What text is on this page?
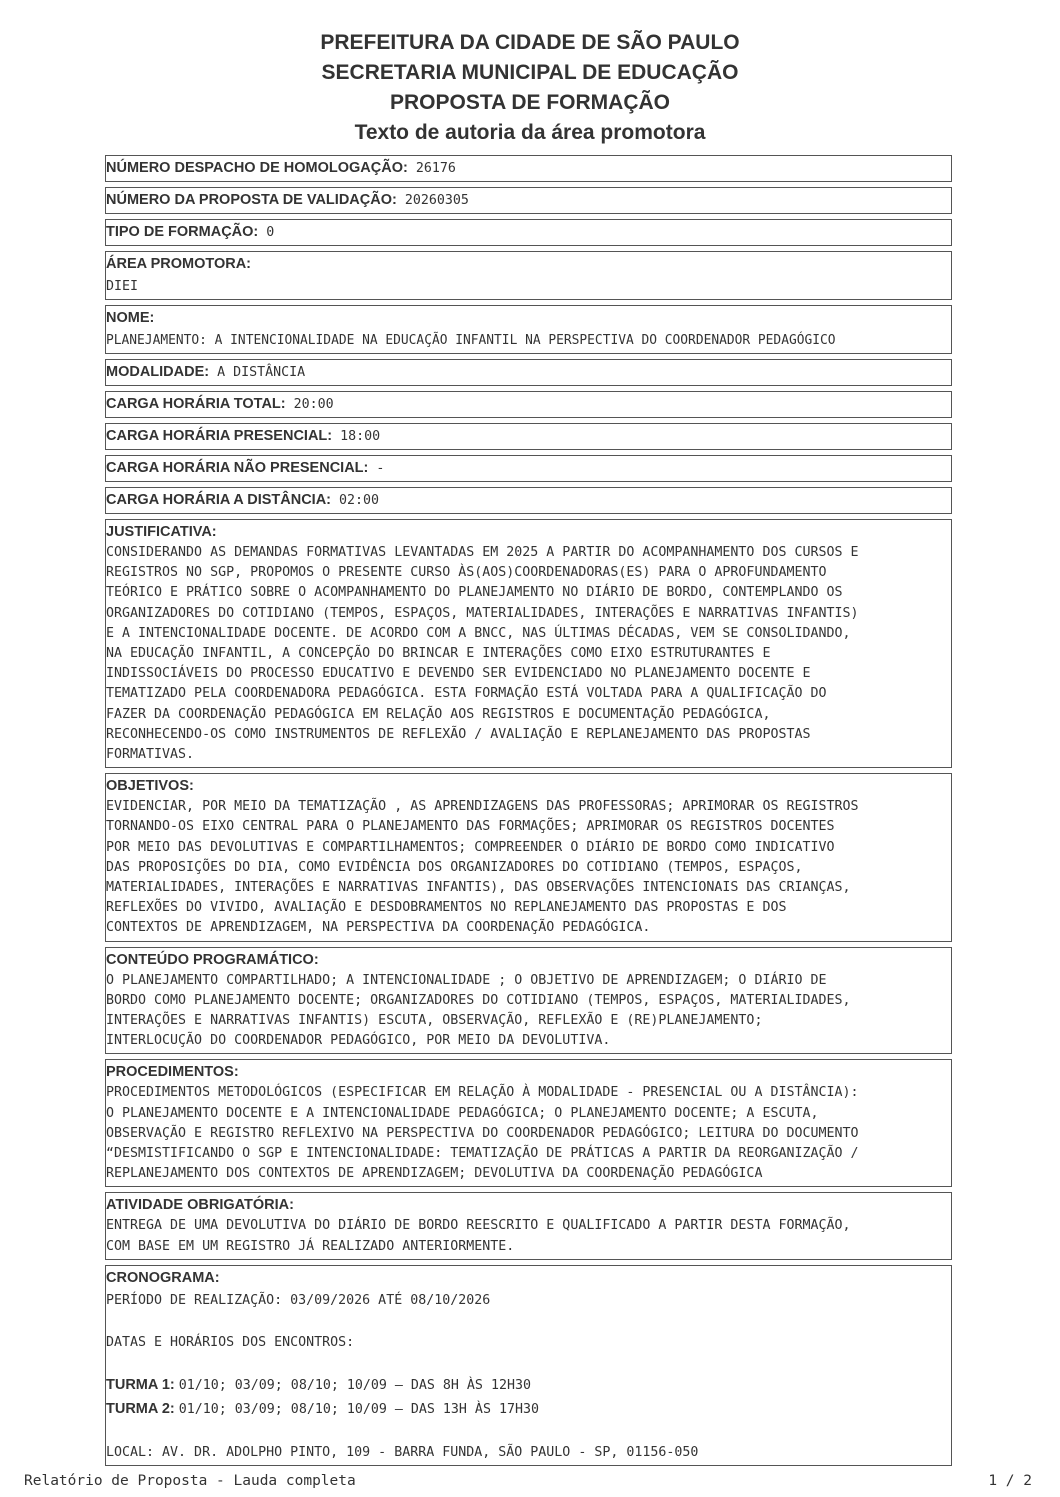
PREFEITURA DA CIDADE DE SÃO PAULO
SECRETARIA MUNICIPAL DE EDUCAÇÃO
PROPOSTA DE FORMAÇÃO
Texto de autoria da área promotora
NÚMERO DESPACHO DE HOMOLOGAÇÃO: 26176
NÚMERO DA PROPOSTA DE VALIDAÇÃO: 20260305
TIPO DE FORMAÇÃO: 0
ÁREA PROMOTORA:
DIEI
NOME:
PLANEJAMENTO: A INTENCIONALIDADE NA EDUCAÇÃO INFANTIL NA PERSPECTIVA DO COORDENADOR PEDAGÓGICO
MODALIDADE: A DISTÂNCIA
CARGA HORÁRIA TOTAL: 20:00
CARGA HORÁRIA PRESENCIAL: 18:00
CARGA HORÁRIA NÃO PRESENCIAL: -
CARGA HORÁRIA A DISTÂNCIA: 02:00
JUSTIFICATIVA:
CONSIDERANDO AS DEMANDAS FORMATIVAS LEVANTADAS EM 2025 A PARTIR DO ACOMPANHAMENTO DOS CURSOS E
REGISTROS NO SGP, PROPOMOS O PRESENTE CURSO ÀS(AOS)COORDENADORAS(ES) PARA O APROFUNDAMENTO
TEÓRICO E PRÁTICO SOBRE O ACOMPANHAMENTO DO PLANEJAMENTO NO DIÁRIO DE BORDO, CONTEMPLANDO OS
ORGANIZADORES DO COTIDIANO (TEMPOS, ESPAÇOS, MATERIALIDADES, INTERAÇÕES E NARRATIVAS INFANTIS)
E A INTENCIONALIDADE DOCENTE. DE ACORDO COM A BNCC, NAS ÚLTIMAS DÉCADAS, VEM SE CONSOLIDANDO,
NA EDUCAÇÃO INFANTIL, A CONCEPÇÃO DO BRINCAR E INTERAÇÕES COMO EIXO ESTRUTURANTES E
INDISSOCIÁVEIS DO PROCESSO EDUCATIVO E DEVENDO SER EVIDENCIADO NO PLANEJAMENTO DOCENTE E
TEMATIZADO PELA COORDENADORA PEDAGÓGICA. ESTA FORMAÇÃO ESTÁ VOLTADA PARA A QUALIFICAÇÃO DO
FAZER DA COORDENAÇÃO PEDAGÓGICA EM RELAÇÃO AOS REGISTROS E DOCUMENTAÇÃO PEDAGÓGICA,
RECONHECENDO-OS COMO INSTRUMENTOS DE REFLEXÃO / AVALIAÇÃO E REPLANEJAMENTO DAS PROPOSTAS
FORMATIVAS.
OBJETIVOS:
EVIDENCIAR, POR MEIO DA TEMATIZAÇÃO , AS APRENDIZAGENS DAS PROFESSORAS; APRIMORAR OS REGISTROS
TORNANDO-OS EIXO CENTRAL PARA O PLANEJAMENTO DAS FORMAÇÕES; APRIMORAR OS REGISTROS DOCENTES
POR MEIO DAS DEVOLUTIVAS E COMPARTILHAMENTOS; COMPREENDER O DIÁRIO DE BORDO COMO INDICATIVO
DAS PROPOSIÇÕES DO DIA, COMO EVIDÊNCIA DOS ORGANIZADORES DO COTIDIANO (TEMPOS, ESPAÇOS,
MATERIALIDADES, INTERAÇÕES E NARRATIVAS INFANTIS), DAS OBSERVAÇÕES INTENCIONAIS DAS CRIANÇAS,
REFLEXÕES DO VIVIDO, AVALIAÇÃO E DESDOBRAMENTOS NO REPLANEJAMENTO DAS PROPOSTAS E DOS
CONTEXTOS DE APRENDIZAGEM, NA PERSPECTIVA DA COORDENAÇÃO PEDAGÓGICA.
CONTEÚDO PROGRAMÁTICO:
O PLANEJAMENTO COMPARTILHADO; A INTENCIONALIDADE ; O OBJETIVO DE APRENDIZAGEM; O DIÁRIO DE
BORDO COMO PLANEJAMENTO DOCENTE; ORGANIZADORES DO COTIDIANO (TEMPOS, ESPAÇOS, MATERIALIDADES,
INTERAÇÕES E NARRATIVAS INFANTIS) ESCUTA, OBSERVAÇÃO, REFLEXÃO E (RE)PLANEJAMENTO;
INTERLOCUÇÃO DO COORDENADOR PEDAGÓGICO, POR MEIO DA DEVOLUTIVA.
PROCEDIMENTOS:
PROCEDIMENTOS METODOLÓGICOS (ESPECIFICAR EM RELAÇÃO À MODALIDADE - PRESENCIAL OU A DISTÂNCIA):
O PLANEJAMENTO DOCENTE E A INTENCIONALIDADE PEDAGÓGICA; O PLANEJAMENTO DOCENTE; A ESCUTA,
OBSERVAÇÃO E REGISTRO REFLEXIVO NA PERSPECTIVA DO COORDENADOR PEDAGÓGICO; LEITURA DO DOCUMENTO
“DESMISTIFICANDO O SGP E INTENCIONALIDADE: TEMATIZAÇÃO DE PRÁTICAS A PARTIR DA REORGANIZAÇÃO /
REPLANEJAMENTO DOS CONTEXTOS DE APRENDIZAGEM; DEVOLUTIVA DA COORDENAÇÃO PEDAGÓGICA
ATIVIDADE OBRIGATÓRIA:
ENTREGA DE UMA DEVOLUTIVA DO DIÁRIO DE BORDO REESCRITO E QUALIFICADO A PARTIR DESTA FORMAÇÃO,
COM BASE EM UM REGISTRO JÁ REALIZADO ANTERIORMENTE.
CRONOGRAMA:
PERÍODO DE REALIZAÇÃO: 03/09/2026 ATÉ 08/10/2026
DATAS E HORÁRIOS DOS ENCONTROS:
TURMA 1: 01/10; 03/09; 08/10; 10/09 — DAS 8H ÀS 12H30
TURMA 2: 01/10; 03/09; 08/10; 10/09 — DAS 13H ÀS 17H30
LOCAL: AV. DR. ADOLPHO PINTO, 109 - BARRA FUNDA, SÃO PAULO - SP, 01156-050
Relatório de Proposta - Lauda completa	1 / 2
